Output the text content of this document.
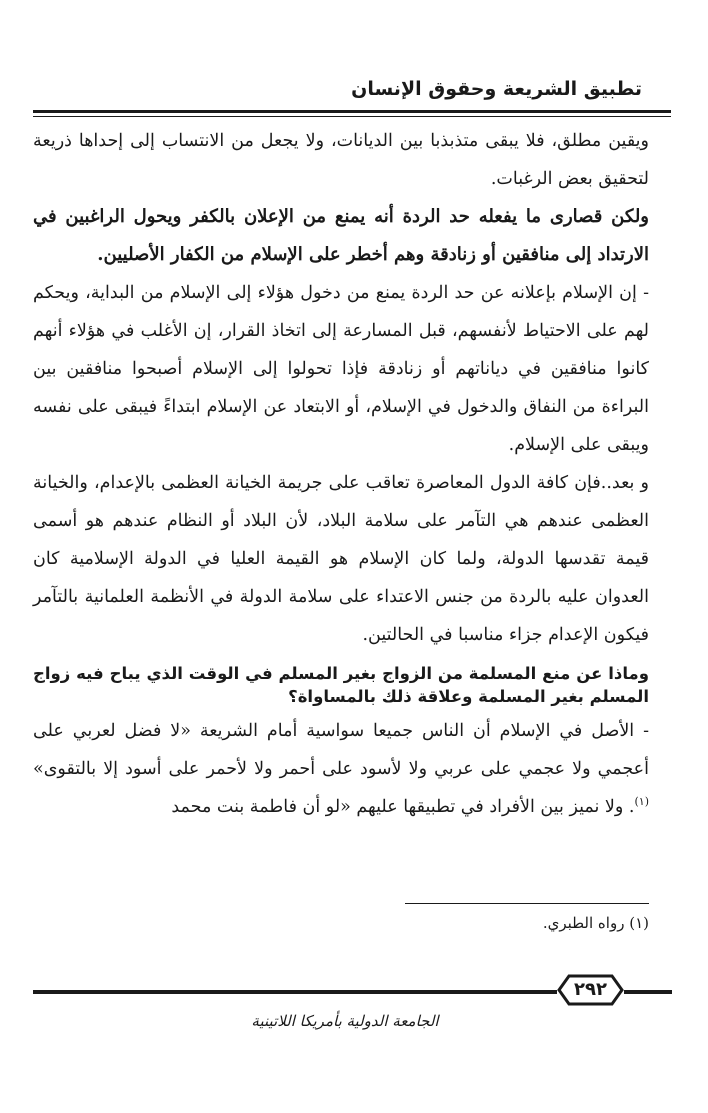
تطبيق الشريعة وحقوق الإنسان

ويقين مطلق، فلا يبقى متذبذبا بين الديانات، ولا يجعل من الانتساب إلى إحداها ذريعة لتحقيق بعض الرغبات.

ولكن قصارى ما يفعله حد الردة أنه يمنع من الإعلان بالكفر ويحول الراغبين في الارتداد إلى منافقين أو زنادقة وهم أخطر على الإسلام من الكفار الأصليين.

- إن الإسلام بإعلانه عن حد الردة يمنع من دخول هؤلاء إلى الإسلام من البداية، ويحكم لهم على الاحتياط لأنفسهم، قبل المسارعة إلى اتخاذ القرار، إن الأغلب في هؤلاء أنهم كانوا منافقين في دياناتهم أو زنادقة فإذا تحولوا إلى الإسلام أصبحوا منافقين بين البراءة من النفاق والدخول في الإسلام، أو الابتعاد عن الإسلام ابتداءً فيبقى على نفسه ويبقى على الإسلام.

و بعد..فإن كافة الدول المعاصرة تعاقب على جريمة الخيانة العظمى بالإعدام، والخيانة العظمى عندهم هي التآمر على سلامة البلاد، لأن البلاد أو النظام عندهم هو أسمى قيمة تقدسها الدولة، ولما كان الإسلام هو القيمة العليا في الدولة الإسلامية كان العدوان عليه بالردة من جنس الاعتداء على سلامة الدولة في الأنظمة العلمانية بالتآمر فيكون الإعدام جزاء مناسبا في الحالتين.

وماذا عن منع المسلمة من الزواج بغير المسلم في الوقت الذي يباح فيه زواج المسلم بغير المسلمة وعلاقة ذلك بالمساواة؟

- الأصل في الإسلام أن الناس جميعا سواسية أمام الشريعة «لا فضل لعربي على أعجمي ولا عجمي على عربي ولا لأسود على أحمر ولا لأحمر على أسود إلا بالتقوى» $^{(١)}$. ولا نميز بين الأفراد في تطبيقها عليهم «لو أن فاطمة بنت محمد

(١) رواه الطبري.
٢٩٢
الجامعة الدولية بأمريكا اللاتينية
